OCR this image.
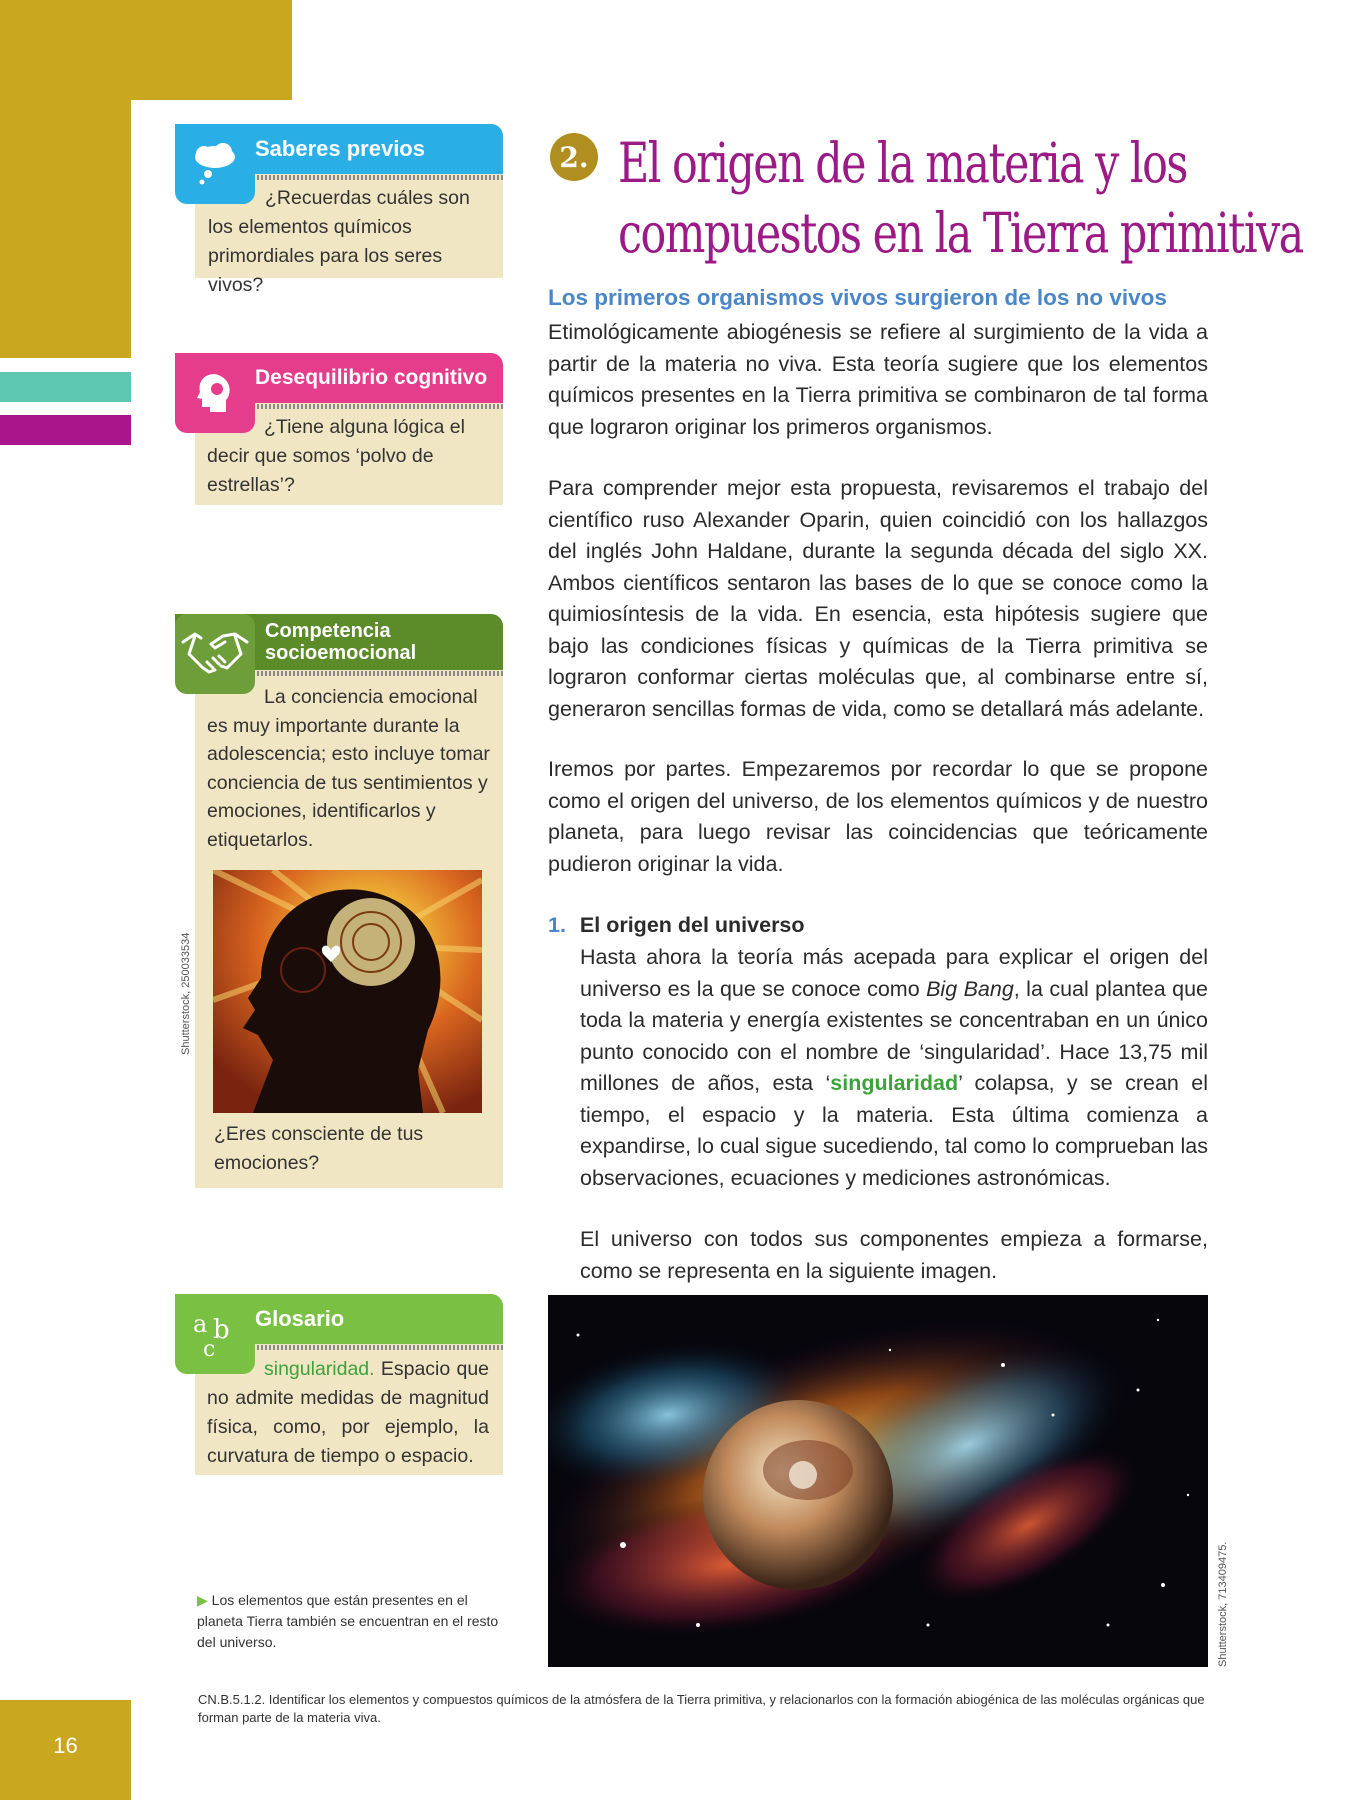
16
Saberes previos
¿Recuerdas cuáles son los elementos químicos primordiales para los seres vivos?
Desequilibrio cognitivo
¿Tiene alguna lógica el decir que somos ‘polvo de estrellas’?
Competencia
socioemocional
La conciencia emocional es muy importante durante la adolescencia; esto incluye tomar conciencia de tus sentimientos y emociones, identificarlos y etiquetarlos.
Shutterstock, 250033534
¿Eres consciente de tus emociones?
Glosario
a b
c
singularidad. Espacio que no admite medidas de magnitud física, como, por ejemplo, la curvatura de tiempo o espacio.
▶ Los elementos que están presentes en el planeta Tierra también se encuentran en el resto del universo.
2. El origen de la materia y los
compuestos en la Tierra primitiva
Los primeros organismos vivos surgieron de los no vivos
Etimológicamente abiogénesis se refiere al surgimiento de la vida a partir de la materia no viva. Esta teoría sugiere que los elementos químicos presentes en la Tierra primitiva se combinaron de tal forma que lograron originar los primeros organismos.
Para comprender mejor esta propuesta, revisaremos el trabajo del científico ruso Alexander Oparin, quien coincidió con los hallazgos del inglés John Haldane, durante la segunda década del siglo XX. Ambos científicos sentaron las bases de lo que se conoce como la quimiosíntesis de la vida. En esencia, esta hipótesis sugiere que bajo las condiciones físicas y químicas de la Tierra primitiva se lograron conformar ciertas moléculas que, al combinarse entre sí, generaron sencillas formas de vida, como se detallará más adelante.
Iremos por partes. Empezaremos por recordar lo que se propone como el origen del universo, de los elementos químicos y de nuestro planeta, para luego revisar las coincidencias que teóricamente pudieron originar la vida.
1. El origen del universo
Hasta ahora la teoría más acepada para explicar el origen del universo es la que se conoce como Big Bang, la cual plantea que toda la materia y energía existentes se concentraban en un único punto conocido con el nombre de ‘singularidad’. Hace 13,75 mil millones de años, esta ‘singularidad’ colapsa, y se crean el tiempo, el espacio y la materia. Esta última comienza a expandirse, lo cual sigue sucediendo, tal como lo comprueban las observaciones, ecuaciones y mediciones astronómicas.
El universo con todos sus componentes empieza a formarse, como se representa en la siguiente imagen.
Shutterstock, 713409475.
CN.B.5.1.2. Identificar los elementos y compuestos químicos de la atmósfera de la Tierra primitiva, y relacionarlos con la formación abiogénica de las moléculas orgánicas que forman parte de la materia viva.
